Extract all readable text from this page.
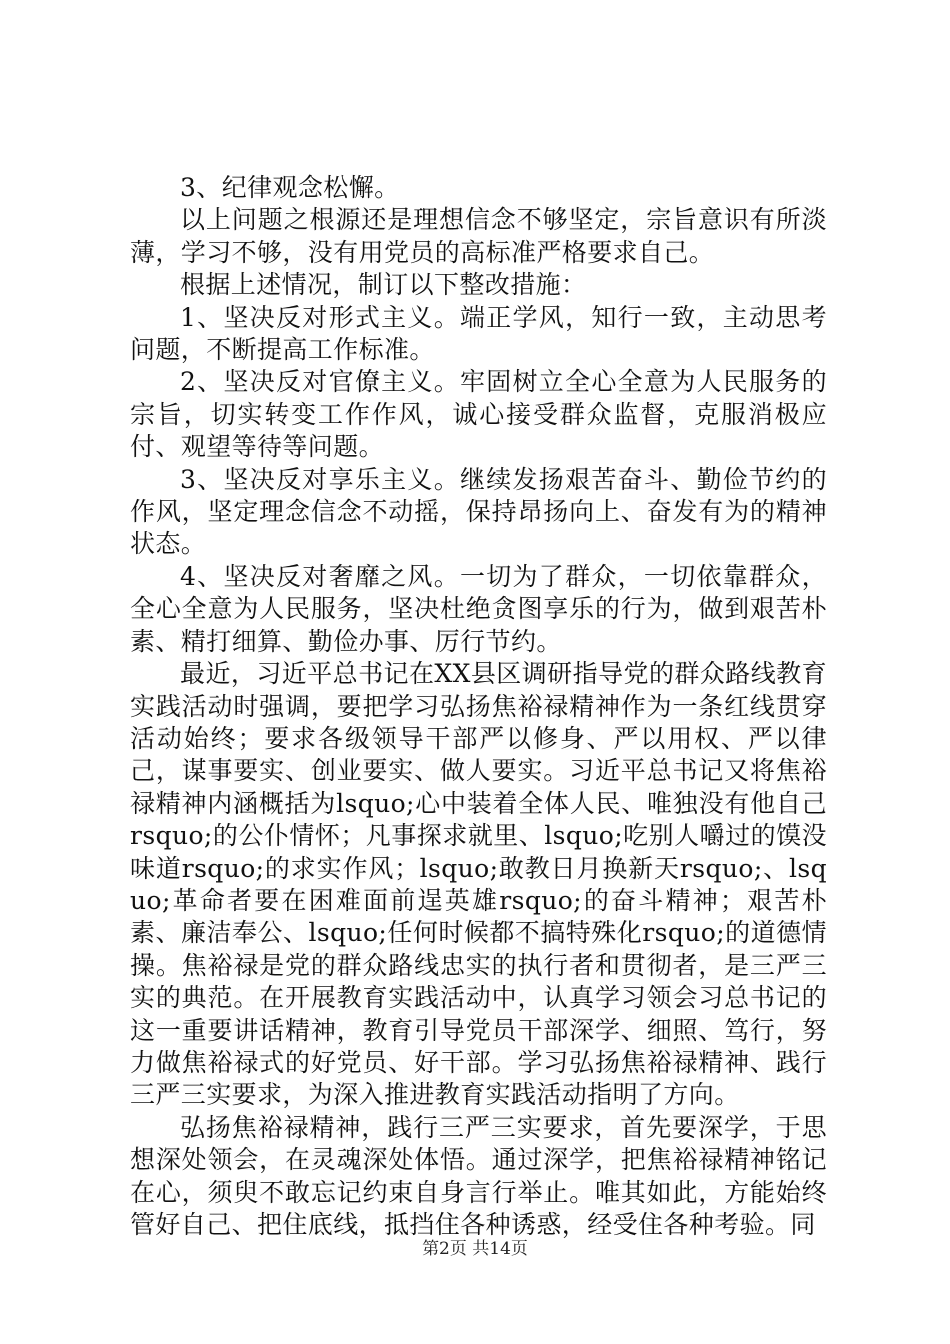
3、纪律观念松懈。

以上问题之根源还是理想信念不够坚定，宗旨意识有所淡薄，学习不够，没有用党员的高标准严格要求自己。

根据上述情况，制订以下整改措施：

1、坚决反对形式主义。端正学风，知行一致，主动思考问题，不断提高工作标准。

2、坚决反对官僚主义。牢固树立全心全意为人民服务的宗旨，切实转变工作作风，诚心接受群众监督，克服消极应付、观望等待等问题。

3、坚决反对享乐主义。继续发扬艰苦奋斗、勤俭节约的作风，坚定理念信念不动摇，保持昂扬向上、奋发有为的精神状态。

4、坚决反对奢靡之风。一切为了群众，一切依靠群众，全心全意为人民服务，坚决杜绝贪图享乐的行为，做到艰苦朴素、精打细算、勤俭办事、厉行节约。

最近，习近平总书记在XX县区调研指导党的群众路线教育实践活动时强调，要把学习弘扬焦裕禄精神作为一条红线贯穿活动始终；要求各级领导干部严以修身、严以用权、严以律己，谋事要实、创业要实、做人要实。习近平总书记又将焦裕禄精神内涵概括为lsquo;心中装着全体人民、唯独没有他自己rsquo;的公仆情怀；凡事探求就里、lsquo;吃别人嚼过的馍没味道rsquo;的求实作风；lsquo;敢教日月换新天rsquo;、lsquo;革命者要在困难面前逞英雄rsquo;的奋斗精神；艰苦朴素、廉洁奉公、lsquo;任何时候都不搞特殊化rsquo;的道德情操。焦裕禄是党的群众路线忠实的执行者和贯彻者，是三严三实的典范。在开展教育实践活动中，认真学习领会习总书记的这一重要讲话精神，教育引导党员干部深学、细照、笃行，努力做焦裕禄式的好党员、好干部。学习弘扬焦裕禄精神、践行三严三实要求，为深入推进教育实践活动指明了方向。

弘扬焦裕禄精神，践行三严三实要求，首先要深学，于思想深处领会，在灵魂深处体悟。通过深学，把焦裕禄精神铭记在心，须臾不敢忘记约束自身言行举止。唯其如此，方能始终管好自己、把住底线，抵挡住各种诱惑，经受住各种考验。同

第2页 共14页
